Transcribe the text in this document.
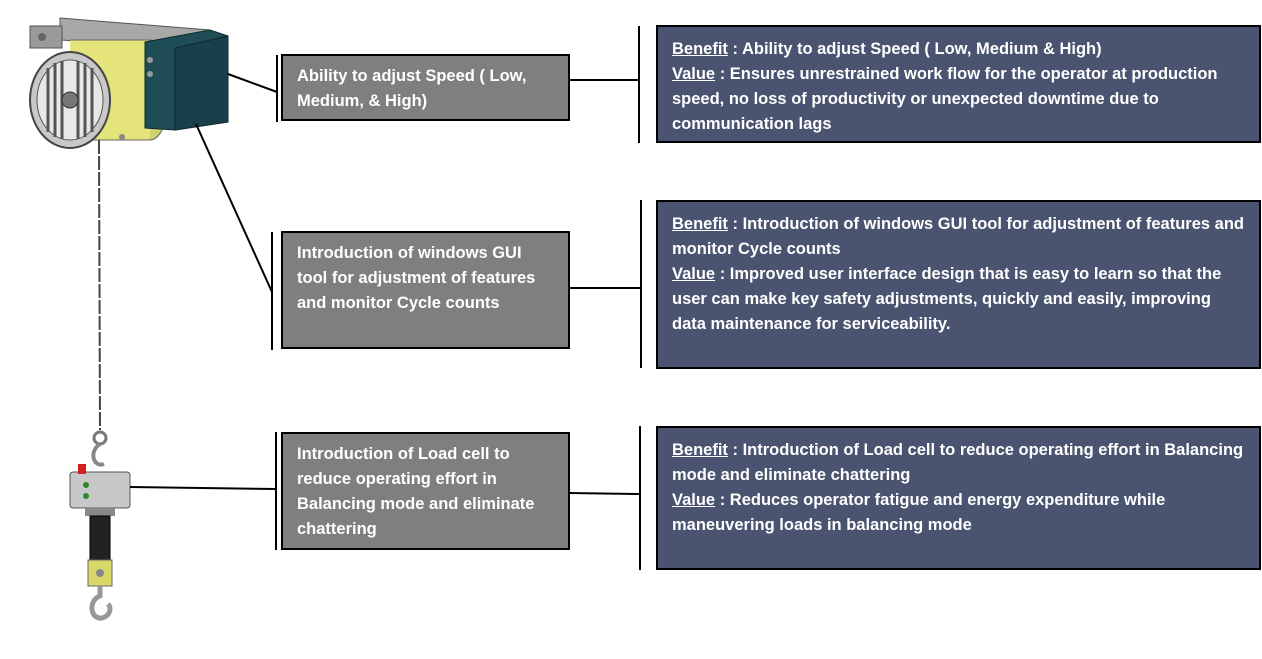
Ability to adjust Speed ( Low, Medium, & High)
Introduction of windows GUI tool for adjustment of features and monitor Cycle counts
Introduction of Load cell to reduce operating effort in Balancing mode and eliminate chattering

Benefit : Ability to adjust Speed ( Low, Medium & High)

Value : Ensures unrestrained work flow for the operator at production speed, no loss of productivity or unexpected downtime due to communication lags

Benefit : Introduction of windows GUI tool for adjustment of features and monitor Cycle counts

Value : Improved user interface design that is easy to learn so that the user can make key safety adjustments, quickly and easily, improving data maintenance for serviceability.

Benefit : Introduction of Load cell to reduce operating effort in Balancing mode and eliminate chattering

Value : Reduces operator fatigue and energy expenditure while maneuvering loads in balancing mode
